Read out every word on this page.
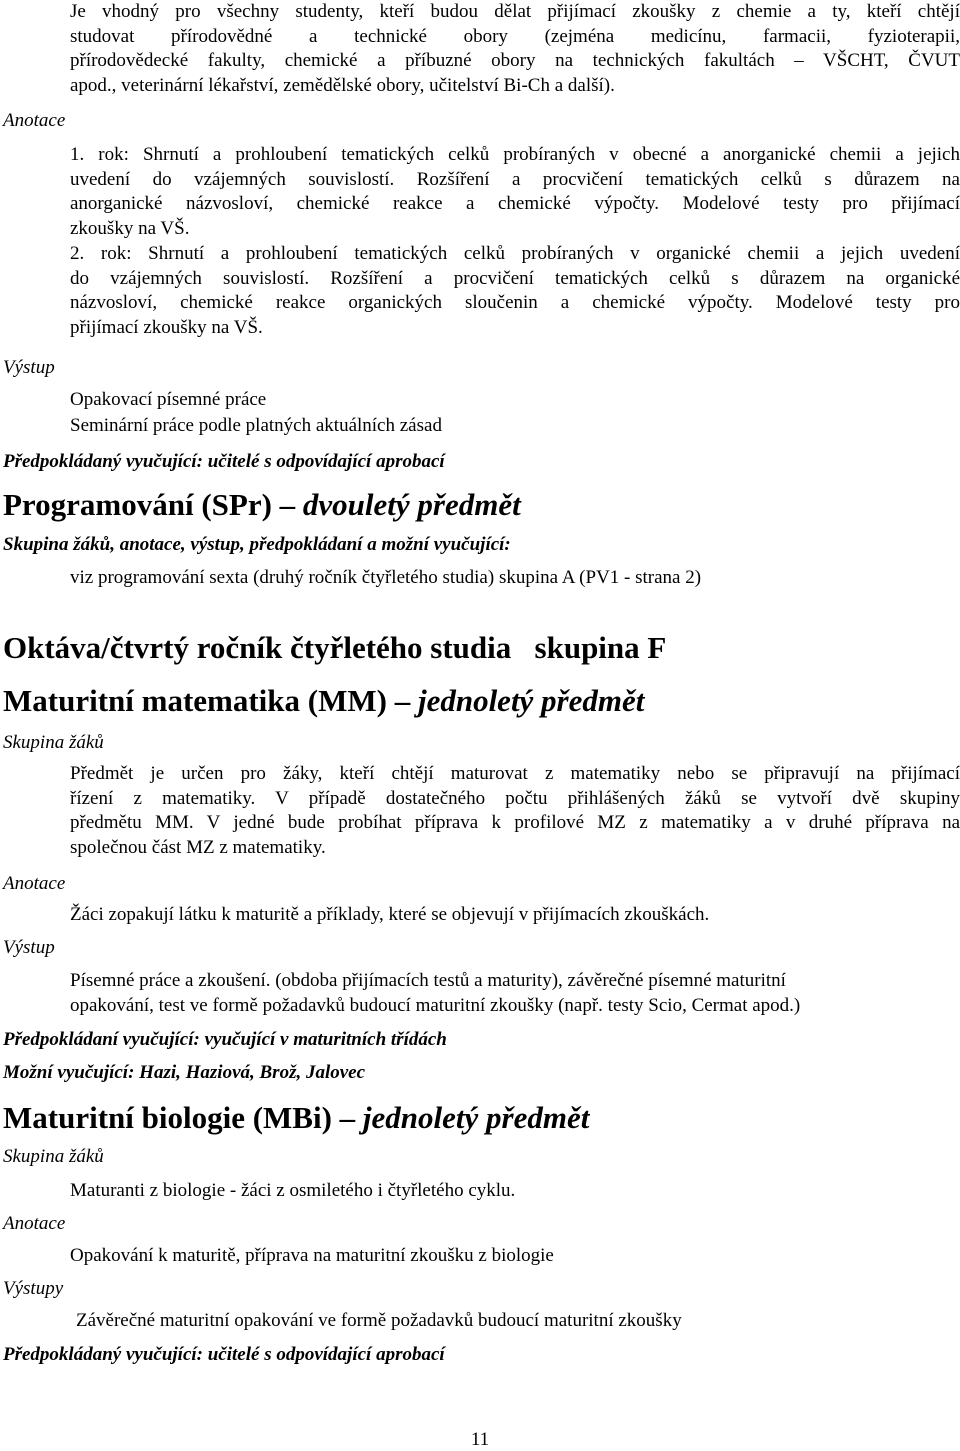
Je vhodný pro všechny studenty, kteří budou dělat přijímací zkoušky z chemie a ty, kteří chtějí
studovat přírodovědné a technické obory (zejména medicínu, farmacii, fyzioterapii,
přírodovědecké fakulty, chemické a příbuzné obory na technických fakultách – VŠCHT, ČVUT
apod., veterinární lékařství, zemědělské obory, učitelství Bi-Ch a další).
Anotace
1. rok: Shrnutí a prohloubení tematických celků probíraných v obecné a anorganické chemii a jejich
uvedení do vzájemných souvislostí. Rozšíření a procvičení tematických celků s důrazem na
anorganické názvosloví, chemické reakce a chemické výpočty. Modelové testy pro přijímací
zkoušky na VŠ.
2. rok: Shrnutí a prohloubení tematických celků probíraných v organické chemii a jejich uvedení
do vzájemných souvislostí. Rozšíření a procvičení tematických celků s důrazem na organické
názvosloví, chemické reakce organických sloučenin a chemické výpočty. Modelové testy pro
přijímací zkoušky na VŠ.
Výstup
Opakovací písemné práce
Seminární práce podle platných aktuálních zásad
Předpokládaný vyučující: učitelé s odpovídající aprobací
Programování (SPr) – dvouletý předmět
Skupina žáků, anotace, výstup, předpokládaní a možní vyučující:
viz programování sexta (druhý ročník čtyřletého studia) skupina A (PV1 - strana 2)
Oktáva/čtvrtý ročník čtyřletého studia   skupina F
Maturitní matematika (MM) – jednoletý předmět
Skupina žáků
Předmět je určen pro žáky, kteří chtějí maturovat z matematiky nebo se připravují na přijímací
řízení z matematiky. V případě dostatečného počtu přihlášených žáků se vytvoří dvě skupiny
předmětu MM. V jedné bude probíhat příprava k profilové MZ z matematiky a v druhé příprava na
společnou část MZ z matematiky.
Anotace
Žáci zopakují látku k maturitě a příklady, které se objevují v přijímacích zkouškách.
Výstup
Písemné práce a zkoušení. (obdoba přijímacích testů a maturity), závěrečné písemné maturitní
opakování, test ve formě požadavků budoucí maturitní zkoušky (např. testy Scio, Cermat apod.)
Předpokládaní vyučující: vyučující v maturitních třídách
Možní vyučující: Hazi, Haziová, Brož, Jalovec
Maturitní biologie (MBi) – jednoletý předmět
Skupina žáků
Maturanti z biologie - žáci z osmiletého i čtyřletého cyklu.
Anotace
Opakování k maturitě, příprava na maturitní zkoušku z biologie
Výstupy
Závěrečné maturitní opakování ve formě požadavků budoucí maturitní zkoušky
Předpokládaný vyučující: učitelé s odpovídající aprobací
11
